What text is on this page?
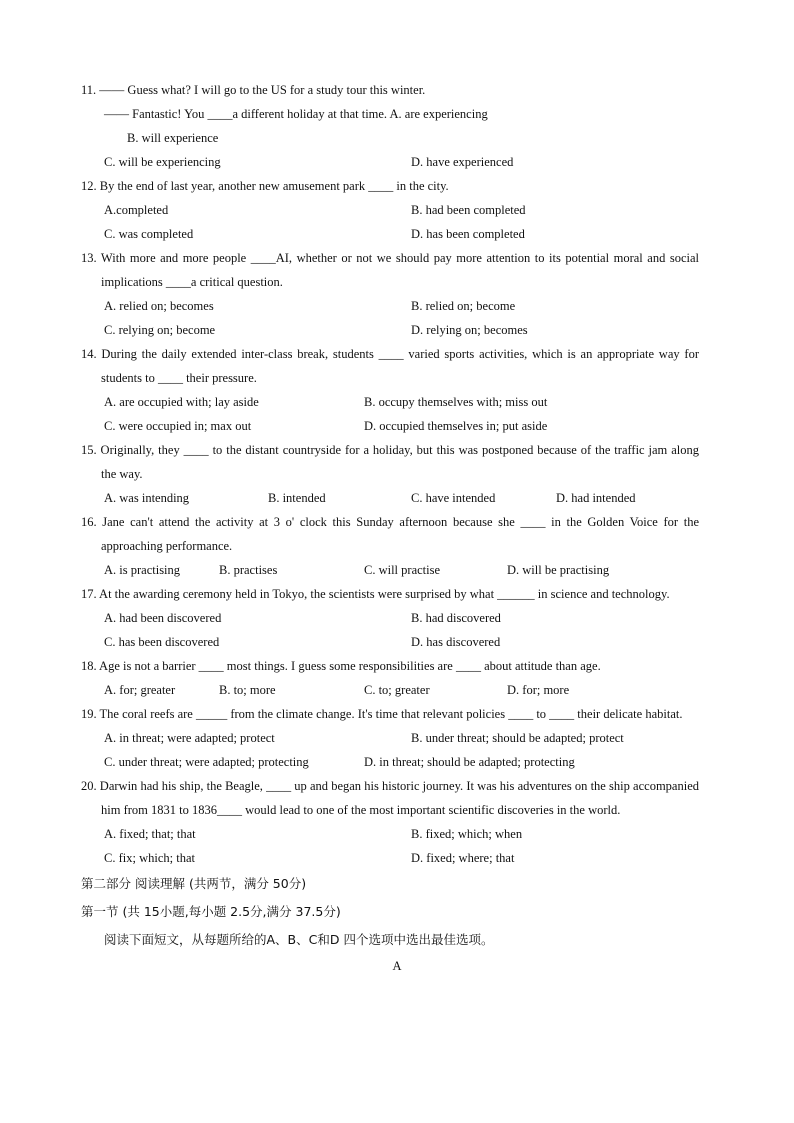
11. —— Guess what? I will go to the US for a study tour this winter.
—— Fantastic! You ____a different holiday at that time. A. are experiencing
B. will experience
C. will be experiencing	D. have experienced
12. By the end of last year, another new amusement park ____ in the city.
A.completed	B. had been completed
C. was completed	D. has been completed
13. With more and more people ____AI, whether or not we should pay more attention to its potential moral and social implications ____a critical question.
A. relied on; becomes	B. relied on; become
C. relying on; become	D. relying on; becomes
14. During the daily extended inter-class break, students ____ varied sports activities, which is an appropriate way for students to ____ their pressure.
A. are occupied with; lay aside	B. occupy themselves with; miss out
C. were occupied in; max out	D. occupied themselves in; put aside
15. Originally, they ____ to the distant countryside for a holiday, but this was postponed because of the traffic jam along the way.
A. was intending	B. intended	C. have intended	D. had intended
16. Jane can't attend the activity at 3 o' clock this Sunday afternoon because she ____ in the Golden Voice for the approaching performance.
A. is practising	B. practises	C. will practise	D. will be practising
17. At the awarding ceremony held in Tokyo, the scientists were surprised by what ______ in science and technology.
A. had been discovered	B. had discovered
C. has been discovered	D. has discovered
18. Age is not a barrier ____ most things. I guess some responsibilities are ____ about attitude than age.
A. for; greater	B. to; more	C. to; greater	D. for; more
19. The coral reefs are _____ from the climate change. It's time that relevant policies ____ to ____ their delicate habitat.
A. in threat; were adapted; protect	B. under threat; should be adapted; protect
C. under threat; were adapted; protecting	D. in threat; should be adapted; protecting
20. Darwin had his ship, the Beagle, ____ up and began his historic journey. It was his adventures on the ship accompanied him from 1831 to 1836____ would lead to one of the most important scientific discoveries in the world.
A. fixed; that; that	B. fixed; which; when
C. fix; which; that	D. fixed; where; that
第二部分 阅读理解 (共两节，满分 50分)
第一节 (共 15小题,每小题 2.5分,满分 37.5分)
阅读下面短文，从每题所给的A、B、C和D 四个选项中选出最佳选项。
A
